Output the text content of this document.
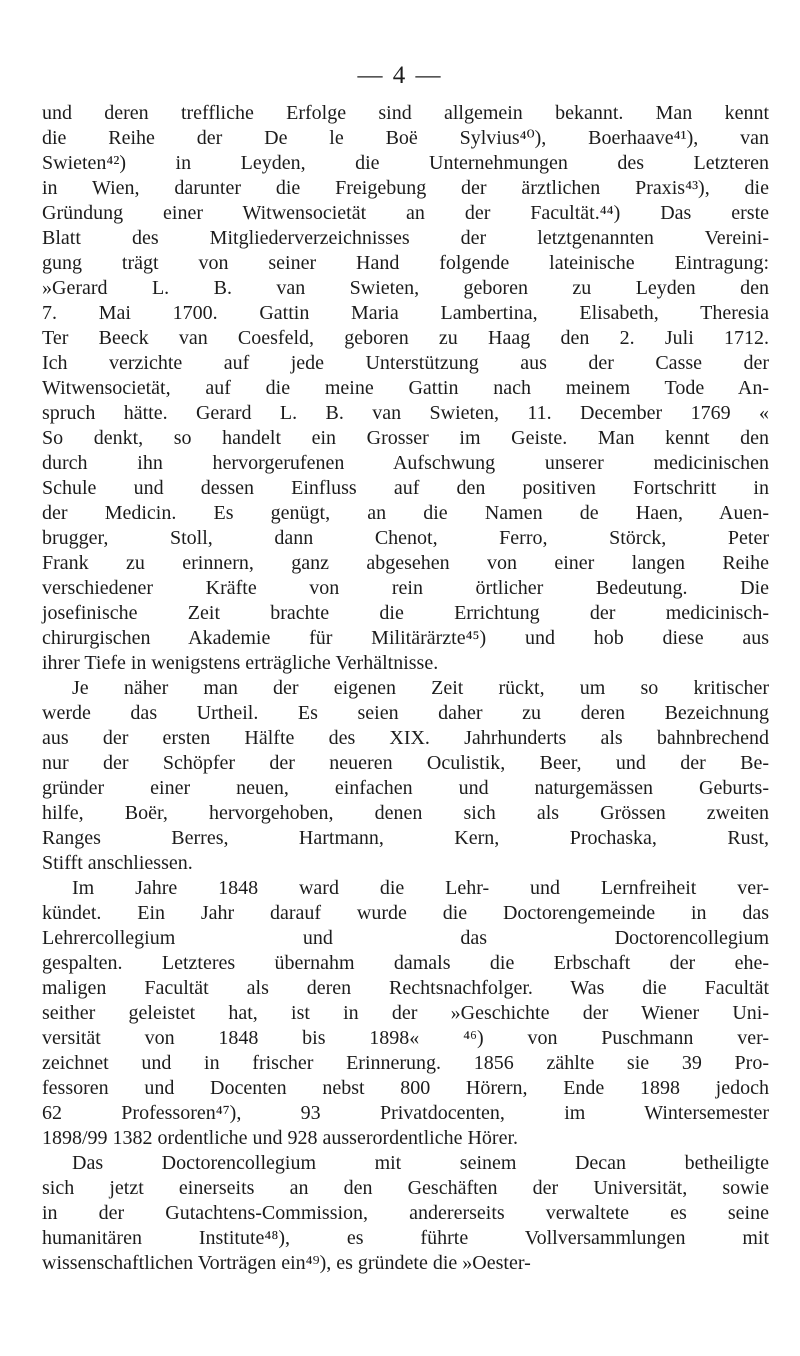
— 4 —
und deren treffliche Erfolge sind allgemein bekannt. Man kennt
die Reihe der De le Boë Sylvius⁴⁰), Boerhaave⁴¹), van
Swieten⁴²) in Leyden, die Unternehmungen des Letzteren
in Wien, darunter die Freigebung der ärztlichen Praxis⁴³), die
Gründung einer Witwensocietät an der Facultät.⁴⁴) Das erste
Blatt des Mitgliederverzeichnisses der letztgenannten Vereini-
gung trägt von seiner Hand folgende lateinische Eintragung:
»Gerard L. B. van Swieten, geboren zu Leyden den
7. Mai 1700. Gattin Maria Lambertina, Elisabeth, Theresia
Ter Beeck van Coesfeld, geboren zu Haag den 2. Juli 1712.
Ich verzichte auf jede Unterstützung aus der Casse der
Witwensocietät, auf die meine Gattin nach meinem Tode An-
spruch hätte. Gerard L. B. van Swieten, 11. December 1769 «
So denkt, so handelt ein Grosser im Geiste. Man kennt den
durch ihn hervorgerufenen Aufschwung unserer medicinischen
Schule und dessen Einfluss auf den positiven Fortschritt in
der Medicin. Es genügt, an die Namen de Haen, Auen-
brugger, Stoll, dann Chenot, Ferro, Störck, Peter
Frank zu erinnern, ganz abgesehen von einer langen Reihe
verschiedener Kräfte von rein örtlicher Bedeutung. Die
josefinische Zeit brachte die Errichtung der medicinisch-
chirurgischen Akademie für Militärärzte⁴⁵) und hob diese aus
ihrer Tiefe in wenigstens erträgliche Verhältnisse.
Je näher man der eigenen Zeit rückt, um so kritischer
werde das Urtheil. Es seien daher zu deren Bezeichnung
aus der ersten Hälfte des XIX. Jahrhunderts als bahnbrechend
nur der Schöpfer der neueren Oculistik, Beer, und der Be-
gründer einer neuen, einfachen und naturgemässen Geburts-
hilfe, Boër, hervorgehoben, denen sich als Grössen zweiten
Ranges Berres, Hartmann, Kern, Prochaska, Rust,
Stifft anschliessen.
Im Jahre 1848 ward die Lehr- und Lernfreiheit ver-
kündet. Ein Jahr darauf wurde die Doctorengemeinde in das
Lehrercollegium und das Doctorencollegium
gespalten. Letzteres übernahm damals die Erbschaft der ehe-
maligen Facultät als deren Rechtsnachfolger. Was die Facultät
seither geleistet hat, ist in der »Geschichte der Wiener Uni-
versität von 1848 bis 1898« ⁴⁶) von Puschmann ver-
zeichnet und in frischer Erinnerung. 1856 zählte sie 39 Pro-
fessoren und Docenten nebst 800 Hörern, Ende 1898 jedoch
62 Professoren⁴⁷), 93 Privatdocenten, im Wintersemester
1898/99 1382 ordentliche und 928 ausserordentliche Hörer.
Das Doctorencollegium mit seinem Decan betheiligte
sich jetzt einerseits an den Geschäften der Universität, sowie
in der Gutachtens-Commission, andererseits verwaltete es seine
humanitären Institute⁴⁸), es führte Vollversammlungen mit
wissenschaftlichen Vorträgen ein⁴⁹), es gründete die »Oester-
